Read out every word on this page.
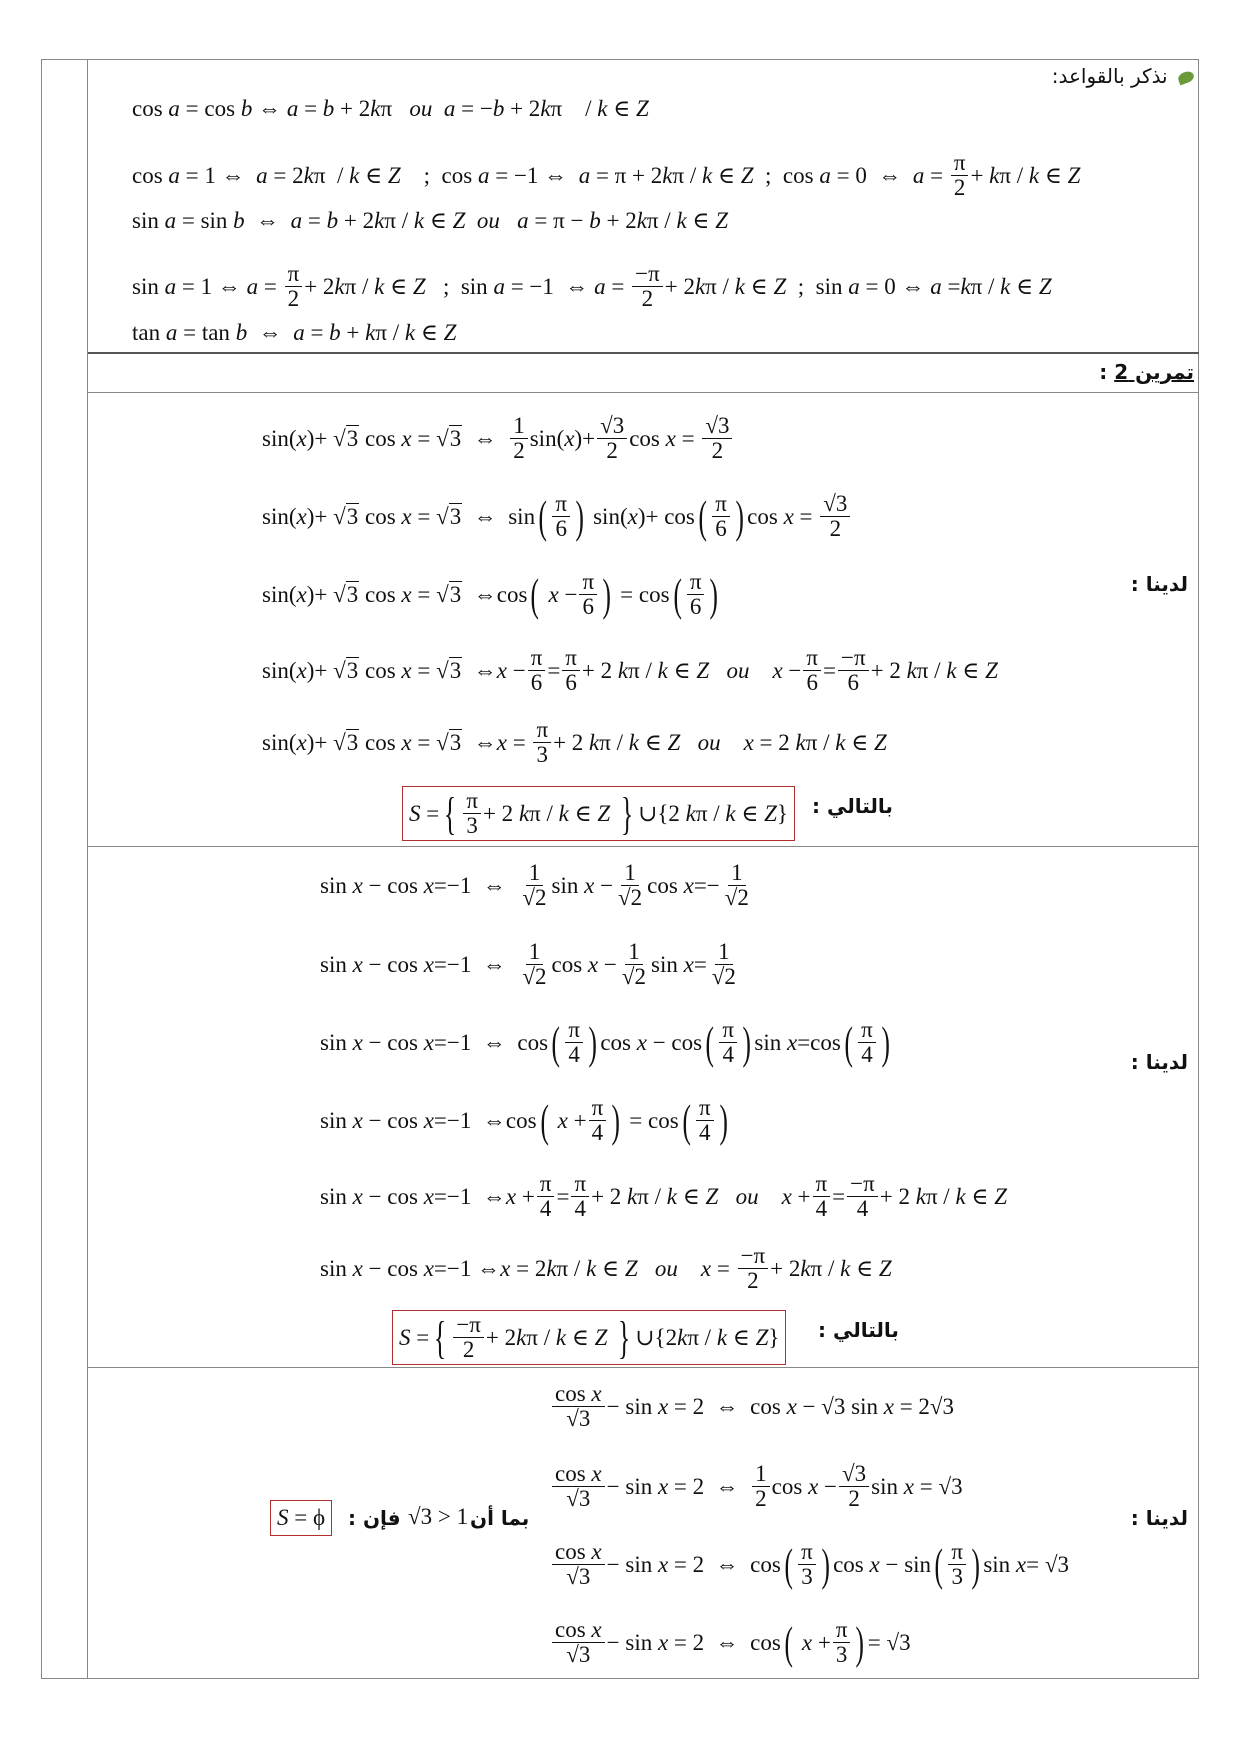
نذكر بالقواعد:
cos a = cos b ⇔ a = b + 2 k π ou
a = − b + 2 k π    / k ∈ Z
cos a = 1 ⇔ a = 2 k π  / k ∈ Z ;  cos a = −1 ⇔ a = π + 2 k π / k ∈ Z ;  cos a = 0  ⇔ $a = \frac{\pi}{2} + k$ π / k ∈ Z
sin a = sin b ⇔ a = b + 2 k π / k ∈ Z
ou
a = π − b + 2 k π / k ∈ Z
sin a = 1 ⇔ $a = \frac{\pi}{2} + 2$ k π / k ∈ Z ;  sin a = −1  ⇔ $a = \frac{-\pi}{2} + 2$ k π / k ∈ Z ;  sin a = 0 ⇔ a = k π / k ∈ Z
tan a = tan b ⇔ a = b + k π / k ∈ Z
تمرين 2 :
sin( x )+ √3 cos x = √3 ⇔ $\frac{1}{2} \sin$( x )+ $\frac{√3}{2}$ $\cos x = \frac{√3}{2}$
sin( x )+ √3 cos x = √3 ⇔  sin ( $\frac{\pi}{6}$ ) sin( x )+ cos ( $\frac{\pi}{6}$ ) $\cos x = \frac{√3}{2}$
sin( x )+ √3 cos x = √3 ⇔cos (
$x - \frac{\pi}{6}$ ) = cos ( $\frac{\pi}{6}$ )	لدينا :
sin( x )+ √3 cos x = √3 ⇔ $x - \frac{\pi}{6} = \frac{\pi}{6} + 2$ k π / k ∈ Z
ou
$x - \frac{\pi}{6} = \frac{-\pi}{6} + 2$ k π / k ∈ Z
sin( x )+ √3 cos x = √3 ⇔ $x = \frac{\pi}{3} + 2$ k π / k ∈ Z
ou
x = 2 k π / k ∈ Z
S = { $\frac{\pi}{3} + 2$ k π / k ∈ Z
} ∪{2 k π / k ∈ Z }	بالتالي :
sin x − cos x =−1  ⇔ $\frac{1}{√2}$ $\sin x - \frac{1}{√2}$ $\cos x =- \frac{1}{√2}$
sin x − cos x =−1  ⇔ $\frac{1}{√2}$ $\cos x - \frac{1}{√2}$ $\sin x = \frac{1}{√2}$
sin x − cos x =−1  ⇔  cos ( $\frac{\pi}{4}$ ) cos x − cos ( $\frac{\pi}{4}$ ) sin x =cos ( $\frac{\pi}{4}$ )	لدينا :
sin x − cos x =−1  ⇔cos (
$x + \frac{\pi}{4}$ ) = cos ( $\frac{\pi}{4}$ )
sin x − cos x =−1  ⇔ $x + \frac{\pi}{4} = \frac{\pi}{4} + 2$ k π / k ∈ Z
ou
$x + \frac{\pi}{4} = \frac{-\pi}{4} + 2$ k π / k ∈ Z
sin x − cos x =−1 ⇔ x = 2 k π / k ∈ Z
ou
$x = \frac{-\pi}{2} + 2$ k π / k ∈ Z
S = { $\frac{-\pi}{2} + 2$ k π / k ∈ Z
} ∪{2 k π / k ∈ Z }	بالتالي :
$\frac{\text{cos x}}{√3} - \sin x = 2$  ⇔  cos x − √3 sin x = 2√3
$\frac{\text{cos x}}{√3} - \sin x = 2$  ⇔ $\frac{1}{2}$ $\cos x - \frac{√3}{2}$ sin x = √3
$\frac{\text{cos x}}{√3} - \sin x = 2$  ⇔  cos ( $\frac{\pi}{3}$ ) cos x − sin ( $\frac{\pi}{3}$ ) sin x = √3
$\frac{\text{cos x}}{√3} - \sin x = 2$  ⇔  cos (
$x + \frac{\pi}{3}$ ) = √3
لدينا :
بما أن
√3 > 1
فإن :
S = ϕ
